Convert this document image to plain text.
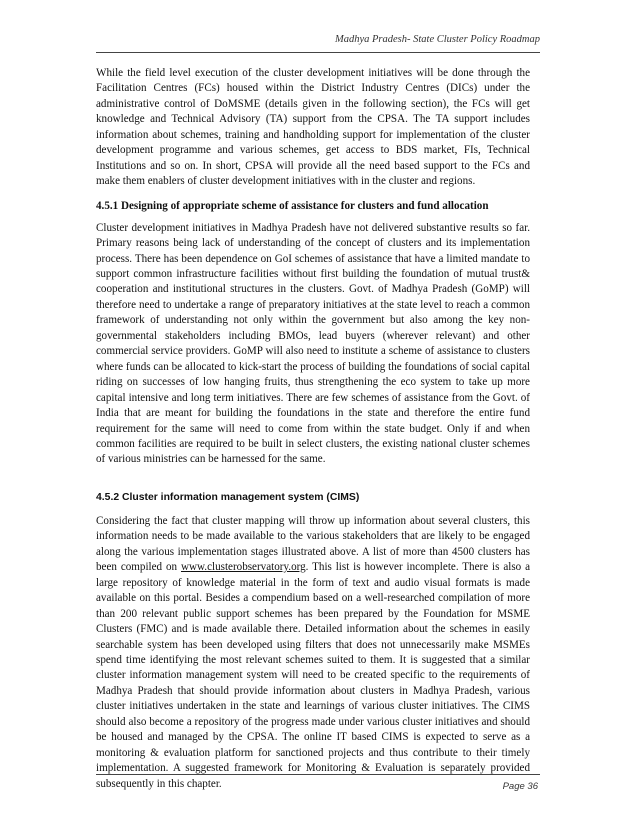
Madhya Pradesh- State Cluster Policy Roadmap

While the field level execution of the cluster development initiatives will be done through the Facilitation Centres (FCs) housed within the District Industry Centres (DICs) under the administrative control of DoMSME (details given in the following section), the FCs will get knowledge and Technical Advisory (TA) support from the CPSA. The TA support includes information about schemes, training and handholding support for implementation of the cluster development programme and various schemes, get access to BDS market, FIs, Technical Institutions and so on. In short, CPSA will provide all the need based support to the FCs and make them enablers of cluster development initiatives with in the cluster and regions.

4.5.1 Designing of appropriate scheme of assistance for clusters and fund allocation

Cluster development initiatives in Madhya Pradesh have not delivered substantive results so far. Primary reasons being lack of understanding of the concept of clusters and its implementation process. There has been dependence on GoI schemes of assistance that have a limited mandate to support common infrastructure facilities without first building the foundation of mutual trust& cooperation and institutional structures in the clusters. Govt. of Madhya Pradesh (GoMP) will therefore need to undertake a range of preparatory initiatives at the state level to reach a common framework of understanding not only within the government but also among the key non-governmental stakeholders including BMOs, lead buyers (wherever relevant) and other commercial service providers. GoMP will also need to institute a scheme of assistance to clusters where funds can be allocated to kick-start the process of building the foundations of social capital riding on successes of low hanging fruits, thus strengthening the eco system to take up more capital intensive and long term initiatives. There are few schemes of assistance from the Govt. of India that are meant for building the foundations in the state and therefore the entire fund requirement for the same will need to come from within the state budget. Only if and when common facilities are required to be built in select clusters, the existing national cluster schemes of various ministries can be harnessed for the same.

4.5.2 Cluster information management system (CIMS)

Considering the fact that cluster mapping will throw up information about several clusters, this information needs to be made available to the various stakeholders that are likely to be engaged along the various implementation stages illustrated above. A list of more than 4500 clusters has been compiled on www.clusterobservatory.org. This list is however incomplete. There is also a large repository of knowledge material in the form of text and audio visual formats is made available on this portal. Besides a compendium based on a well-researched compilation of more than 200 relevant public support schemes has been prepared by the Foundation for MSME Clusters (FMC) and is made available there. Detailed information about the schemes in easily searchable system has been developed using filters that does not unnecessarily make MSMEs spend time identifying the most relevant schemes suited to them. It is suggested that a similar cluster information management system will need to be created specific to the requirements of Madhya Pradesh that should provide information about clusters in Madhya Pradesh, various cluster initiatives undertaken in the state and learnings of various cluster initiatives. The CIMS should also become a repository of the progress made under various cluster initiatives and should be housed and managed by the CPSA. The online IT based CIMS is expected to serve as a monitoring & evaluation platform for sanctioned projects and thus contribute to their timely implementation. A suggested framework for Monitoring & Evaluation is separately provided subsequently in this chapter.	Page 36
